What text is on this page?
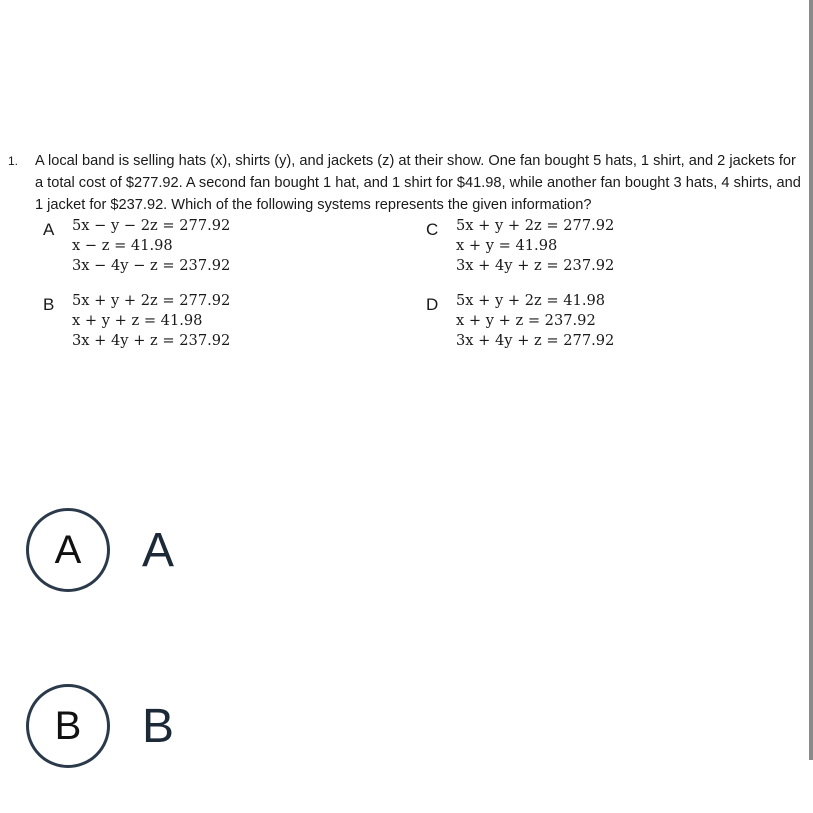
1. A local band is selling hats (x), shirts (y), and jackets (z) at their show. One fan bought 5 hats, 1 shirt, and 2 jackets for a total cost of $277.92. A second fan bought 1 hat, and 1 shirt for $41.98, while another fan bought 3 hats, 4 shirts, and 1 jacket for $237.92. Which of the following systems represents the given information?
A 5x − y − 2z = 277.92
x − z = 41.98
3x − 4y − z = 237.92
B 5x + y + 2z = 277.92
x + y + z = 41.98
3x + 4y + z = 237.92
C 5x + y + 2z = 277.92
x + y = 41.98
3x + 4y + z = 237.92
D 5x + y + 2z = 41.98
x + y + z = 237.92
3x + 4y + z = 277.92
A	A
B	B
